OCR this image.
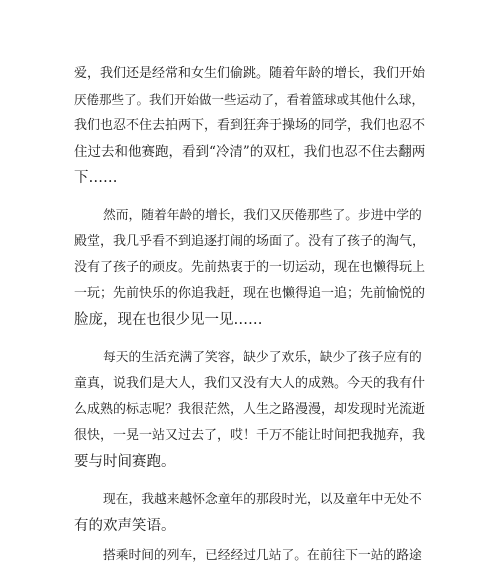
爱，我们还是经常和女生们偷跳。随着年龄的增长，我们开始
厌倦那些了。我们开始做一些运动了，看着篮球或其他什么球，
我们也忍不住去拍两下，看到狂奔于操场的同学，我们也忍不
住过去和他赛跑，看到“冷清”的双杠，我们也忍不住去翻两
下……
然而，随着年龄的增长，我们又厌倦那些了。步进中学的
殿堂，我几乎看不到追逐打闹的场面了。没有了孩子的淘气，
没有了孩子的顽皮。先前热衷于的一切运动，现在也懒得玩上
一玩；先前快乐的你追我赶，现在也懒得追一追；先前愉悦的
脸庞，现在也很少见一见……
每天的生活充满了笑容，缺少了欢乐，缺少了孩子应有的
童真，说我们是大人，我们又没有大人的成熟。今天的我有什
么成熟的标志呢？我很茫然，人生之路漫漫，却发现时光流逝
很快，一晃一站又过去了，哎！千万不能让时间把我抛弃，我
要与时间赛跑。
现在，我越来越怀念童年的那段时光，以及童年中无处不
有的欢声笑语。
搭乘时间的列车，已经经过几站了。在前往下一站的路途
